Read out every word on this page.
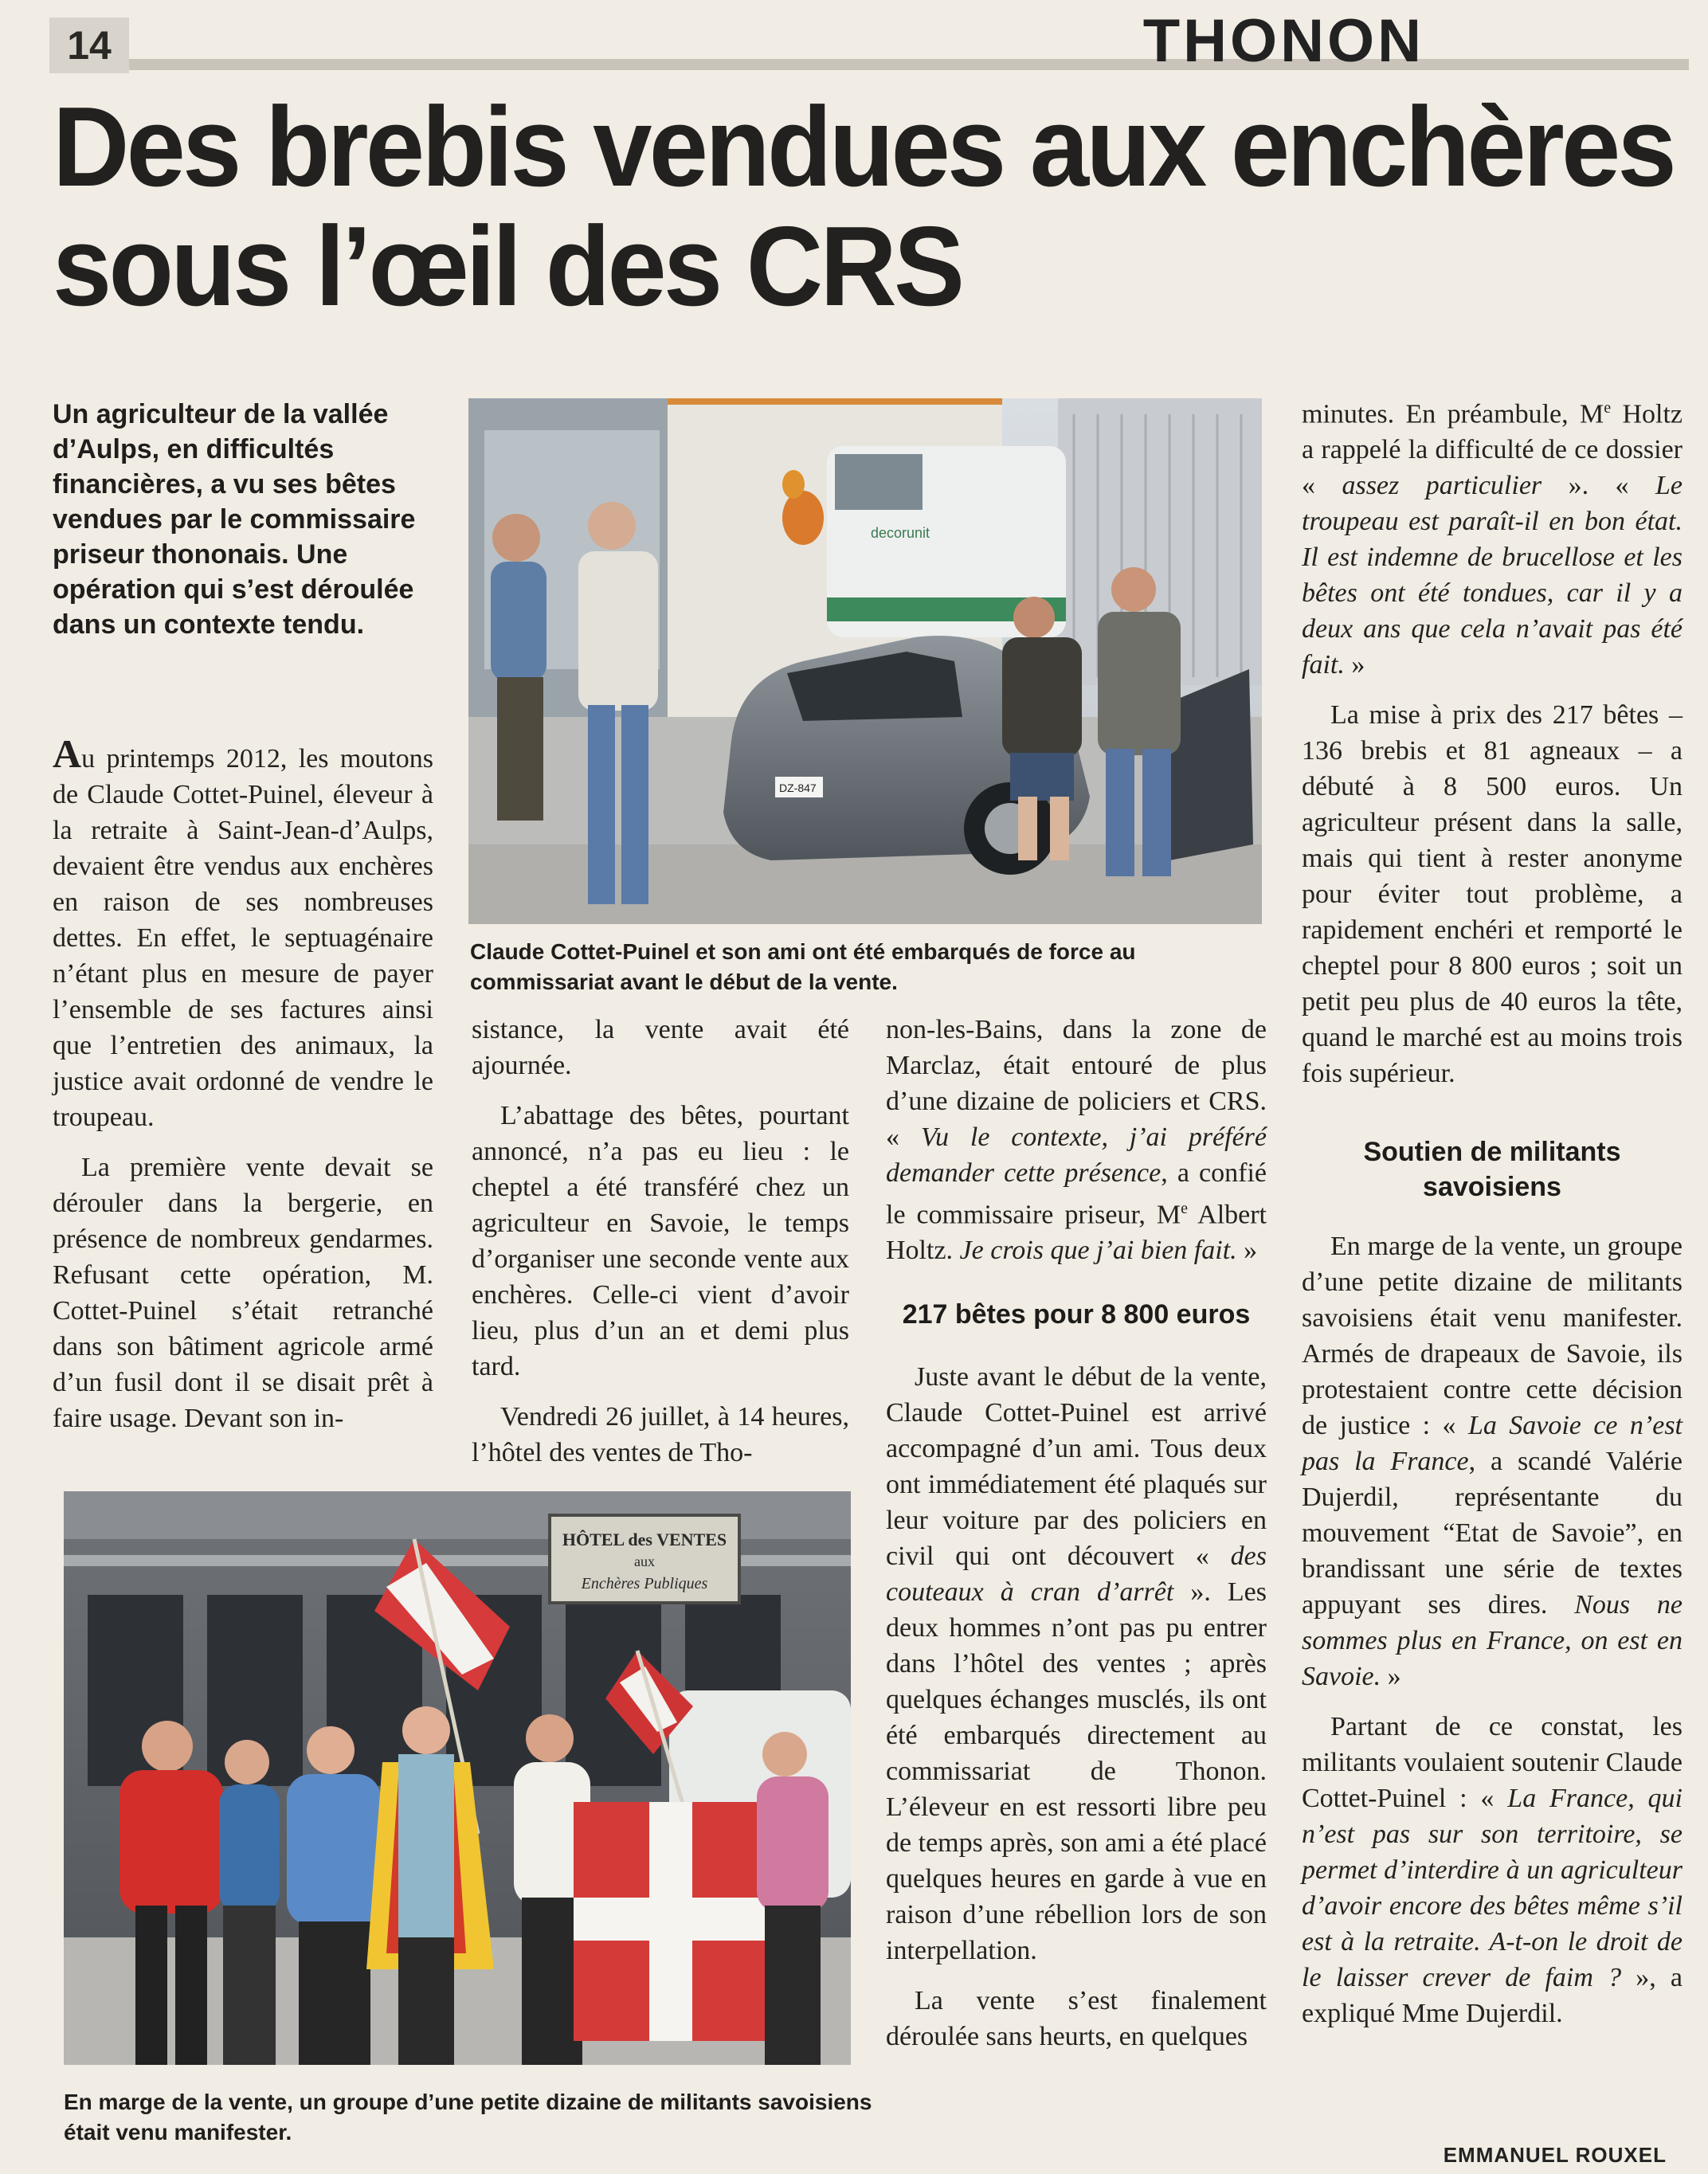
14	THONON
Des brebis vendues aux enchères
sous l’œil des CRS
Un agriculteur de la vallée d’Aulps, en difficultés financières, a vu ses bêtes vendues par le commissaire priseur thononais. Une opération qui s’est déroulée dans un contexte tendu.
decorunit
DZ-847
Claude Cottet-Puinel et son ami ont été embarqués de force au commissariat avant le début de la vente.

Au printemps 2012, les moutons de Claude Cottet-Puinel, éleveur à la retraite à Saint-Jean-d’Aulps, devaient être vendus aux enchères en raison de ses nombreuses dettes. En effet, le septuagénaire n’étant plus en mesure de payer l’ensemble de ses factures ainsi que l’entretien des animaux, la justice avait ordonné de vendre le troupeau.

La première vente devait se dérouler dans la bergerie, en présence de nombreux gendarmes. Refusant cette opération, M. Cottet-Puinel s’était retranché dans son bâtiment agricole armé d’un fusil dont il se disait prêt à faire usage. Devant son in-

sistance, la vente avait été ajournée.

L’abattage des bêtes, pourtant annoncé, n’a pas eu lieu : le cheptel a été transféré chez un agriculteur en Savoie, le temps d’organiser une seconde vente aux enchères. Celle-ci vient d’avoir lieu, plus d’un an et demi plus tard.

Vendredi 26 juillet, à 14 heures, l’hôtel des ventes de Tho-

non-les-Bains, dans la zone de Marclaz, était entouré de plus d’une dizaine de policiers et CRS. « Vu le contexte, j’ai préféré demander cette présence, a confié le commissaire priseur, Me Albert Holtz. Je crois que j’ai bien fait. »

217 bêtes pour 8 800 euros

Juste avant le début de la vente, Claude Cottet-Puinel est arrivé accompagné d’un ami. Tous deux ont immédiatement été plaqués sur leur voiture par des policiers en civil qui ont découvert « des couteaux à cran d’arrêt ». Les deux hommes n’ont pas pu entrer dans l’hôtel des ventes ; après quelques échanges musclés, ils ont été embarqués directement au commissariat de Thonon. L’éleveur en est ressorti libre peu de temps après, son ami a été placé quelques heures en garde à vue en raison d’une rébellion lors de son interpellation.

La vente s’est finalement déroulée sans heurts, en quelques

minutes. En préambule, Me Holtz a rappelé la difficulté de ce dossier « assez particulier ». « Le troupeau est paraît-il en bon état. Il est indemne de brucellose et les bêtes ont été tondues, car il y a deux ans que cela n’avait pas été fait. »

La mise à prix des 217 bêtes – 136 brebis et 81 agneaux – a débuté à 8 500 euros. Un agriculteur présent dans la salle, mais qui tient à rester anonyme pour éviter tout problème, a rapidement enchéri et remporté le cheptel pour 8 800 euros ; soit un petit peu plus de 40 euros la tête, quand le marché est au moins trois fois supérieur.

Soutien de militants savoisiens

En marge de la vente, un groupe d’une petite dizaine de militants savoisiens était venu manifester. Armés de drapeaux de Savoie, ils protestaient contre cette décision de justice : « La Savoie ce n’est pas la France, a scandé Valérie Dujerdil, représentante du mouvement “Etat de Savoie”, en brandissant une série de textes appuyant ses dires. Nous ne sommes plus en France, on est en Savoie. »

Partant de ce constat, les militants voulaient soutenir Claude Cottet-Puinel : « La France, qui n’est pas sur son territoire, se permet d’interdire à un agriculteur d’avoir encore des bêtes même s’il est à la retraite. A-t-on le droit de le laisser crever de faim ? », a expliqué Mme Dujerdil.

HÔTEL des VENTES
aux
Enchères Publiques
En marge de la vente, un groupe d’une petite dizaine de militants savoisiens était venu manifester.
EMMANUEL ROUXEL
